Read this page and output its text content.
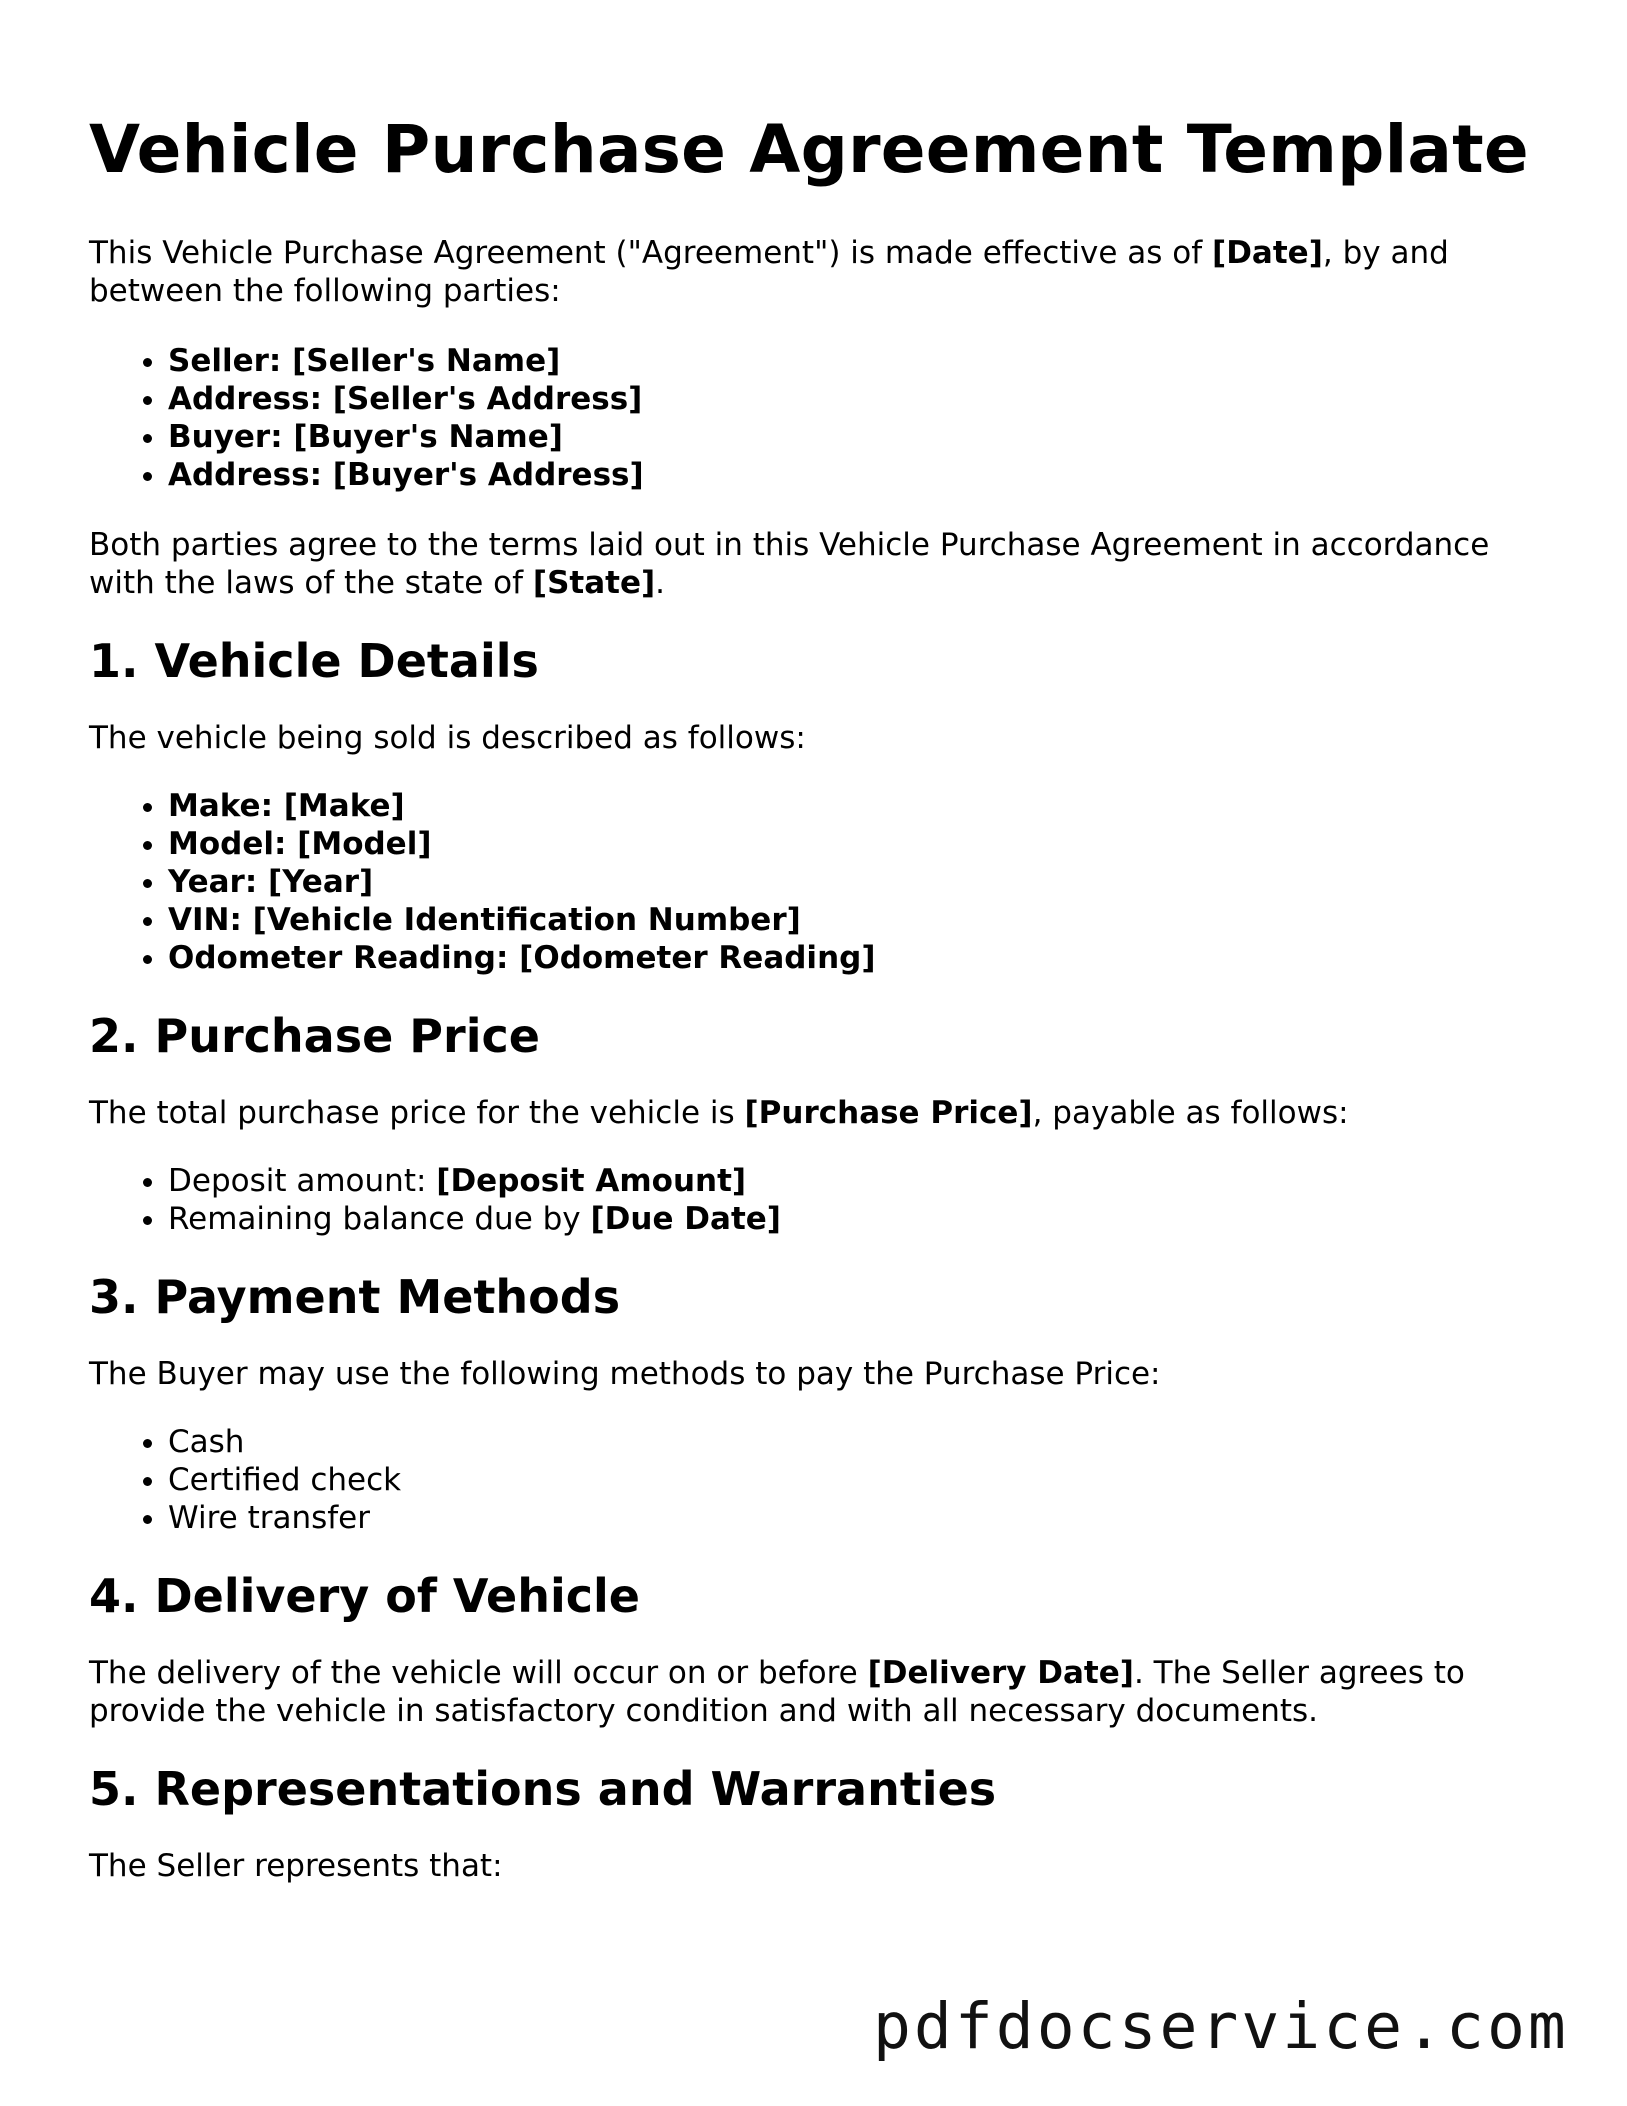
Vehicle Purchase Agreement Template

This Vehicle Purchase Agreement ("Agreement") is made effective as of [Date], by and between the following parties:

• Seller: [Seller's Name]
• Address: [Seller's Address]
• Buyer: [Buyer's Name]
• Address: [Buyer's Address]

Both parties agree to the terms laid out in this Vehicle Purchase Agreement in accordance with the laws of the state of [State].

1. Vehicle Details

The vehicle being sold is described as follows:

• Make: [Make]
• Model: [Model]
• Year: [Year]
• VIN: [Vehicle Identification Number]
• Odometer Reading: [Odometer Reading]
2. Purchase Price

The total purchase price for the vehicle is [Purchase Price], payable as follows:

• Deposit amount: [Deposit Amount]
• Remaining balance due by [Due Date]
3. Payment Methods

The Buyer may use the following methods to pay the Purchase Price:

• Cash
• Certified check
• Wire transfer
4. Delivery of Vehicle

The delivery of the vehicle will occur on or before [Delivery Date]. The Seller agrees to provide the vehicle in satisfactory condition and with all necessary documents.

5. Representations and Warranties

The Seller represents that:

pdfdocservice.com
